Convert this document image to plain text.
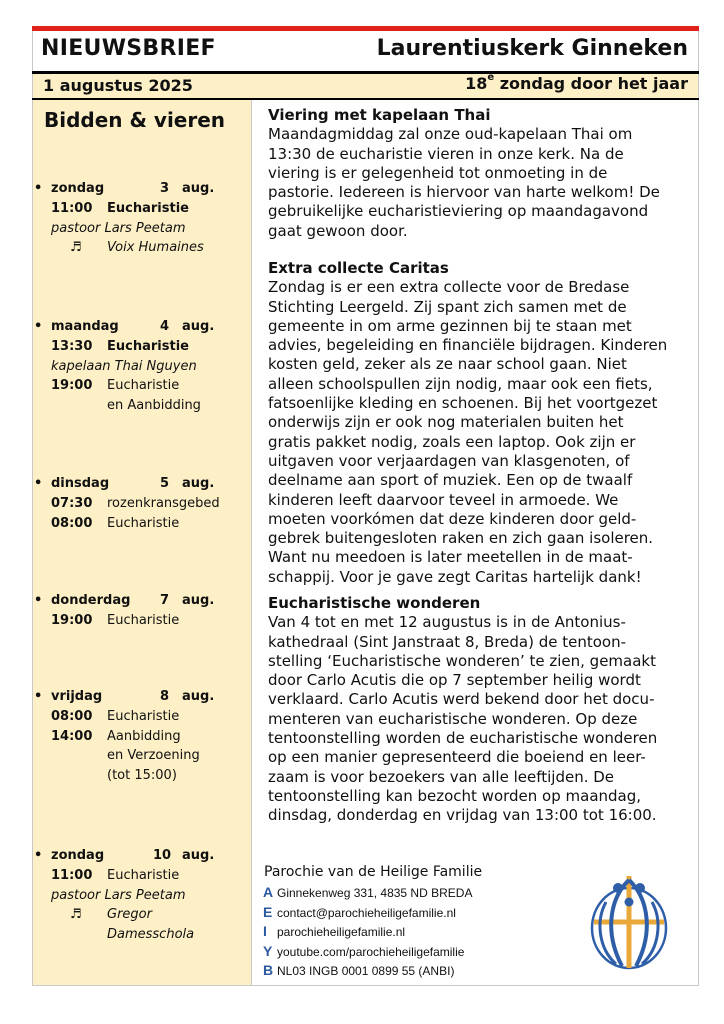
NIEUWSBRIEF	Laurentiuskerk Ginneken
1 augustus 2025	18e zondag door het jaar
Bidden & vieren
• zondag	3 aug.
11:00 Eucharistie
pastoor Lars Peetam
♬ Voix Humaines
• maandag	4 aug.
13:30 Eucharistie
kapelaan Thai Nguyen
19:00 Eucharistie
en Aanbidding
• dinsdag	5 aug.
07:30 rozenkransgebed
08:00 Eucharistie
• donderdag 7 aug.
19:00 Eucharistie
• vrijdag	8 aug.
08:00 Eucharistie
14:00 Aanbidding
en Verzoening
(tot 15:00)
• zondag	10 aug.
11:00 Eucharistie
pastoor Lars Peetam
♬ Gregor
Damesschola
Viering met kapelaan Thai

Maandagmiddag zal onze oud-kapelaan Thai om

13:30 de eucharistie vieren in onze kerk. Na de

viering is er gelegenheid tot onmoeting in de

pastorie. Iedereen is hiervoor van harte welkom! De

gebruikelijke eucharistieviering op maandagavond

gaat gewoon door.

Extra collecte Caritas

Zondag is er een extra collecte voor de Bredase

Stichting Leergeld. Zij spant zich samen met de

gemeente in om arme gezinnen bij te staan met

advies, begeleiding en financiële bijdragen. Kinderen

kosten geld, zeker als ze naar school gaan. Niet

alleen schoolspullen zijn nodig, maar ook een fiets,

fatsoenlijke kleding en schoenen. Bij het voortgezet

onderwijs zijn er ook nog materialen buiten het

gratis pakket nodig, zoals een laptop. Ook zijn er

uitgaven voor verjaardagen van klasgenoten, of

deelname aan sport of muziek. Een op de twaalf

kinderen leeft daarvoor teveel in armoede. We

moeten voorkómen dat deze kinderen door geld-

gebrek buitengesloten raken en zich gaan isoleren.

Want nu meedoen is later meetellen in de maat-

schappij. Voor je gave zegt Caritas hartelijk dank!

Eucharistische wonderen

Van 4 tot en met 12 augustus is in de Antonius-

kathedraal (Sint Janstraat 8, Breda) de tentoon-

stelling ‘Eucharistische wonderen’ te zien, gemaakt

door Carlo Acutis die op 7 september heilig wordt

verklaard. Carlo Acutis werd bekend door het docu-

menteren van eucharistische wonderen. Op deze

tentoonstelling worden de eucharistische wonderen

op een manier gepresenteerd die boeiend en leer-

zaam is voor bezoekers van alle leeftijden. De

tentoonstelling kan bezocht worden op maandag,

dinsdag, donderdag en vrijdag van 13:00 tot 16:00.

Parochie van de Heilige Familie
A Ginnekenweg 331, 4835 ND BREDA
E contact@parochieheiligefamilie.nl
I parochieheiligefamilie.nl
Y youtube.com/parochieheiligefamilie
B NL03 INGB 0001 0899 55 (ANBI)
